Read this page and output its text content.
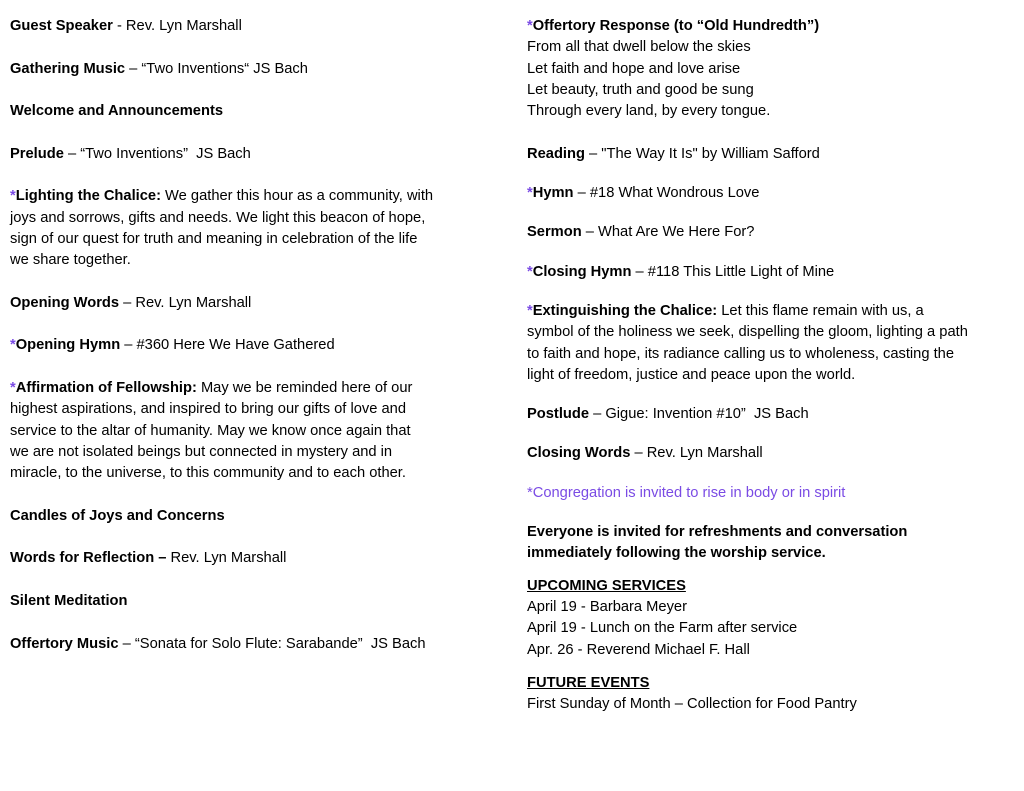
Guest Speaker - Rev. Lyn Marshall
Gathering Music – “Two Inventions“ JS Bach
Welcome and Announcements
Prelude – “Two Inventions”  JS Bach
*Lighting the Chalice: We gather this hour as a community, with
joys and sorrows, gifts and needs. We light this beacon of hope,
sign of our quest for truth and meaning in celebration of the life
we share together.
Opening Words – Rev. Lyn Marshall
*Opening Hymn – #360 Here We Have Gathered
*Affirmation of Fellowship: May we be reminded here of our
highest aspirations, and inspired to bring our gifts of love and
service to the altar of humanity. May we know once again that
we are not isolated beings but connected in mystery and in
miracle, to the universe, to this community and to each other.
Candles of Joys and Concerns
Words for Reflection – Rev. Lyn Marshall
Silent Meditation
Offertory Music – “Sonata for Solo Flute: Sarabande”  JS Bach
*Offertory Response (to “Old Hundredth”)
From all that dwell below the skies
Let faith and hope and love arise
Let beauty, truth and good be sung
Through every land, by every tongue.
Reading – "The Way It Is" by William Safford
*Hymn – #18 What Wondrous Love
Sermon – What Are We Here For?
*Closing Hymn – #118 This Little Light of Mine
*Extinguishing the Chalice: Let this flame remain with us, a
symbol of the holiness we seek, dispelling the gloom, lighting a path
to faith and hope, its radiance calling us to wholeness, casting the
light of freedom, justice and peace upon the world.
Postlude – Gigue: Invention #10”  JS Bach
Closing Words – Rev. Lyn Marshall
*Congregation is invited to rise in body or in spirit
Everyone is invited for refreshments and conversation
immediately following the worship service.
UPCOMING SERVICES
April 19 - Barbara Meyer
April 19 - Lunch on the Farm after service
Apr. 26 - Reverend Michael F. Hall
FUTURE EVENTS
First Sunday of Month – Collection for Food Pantry
